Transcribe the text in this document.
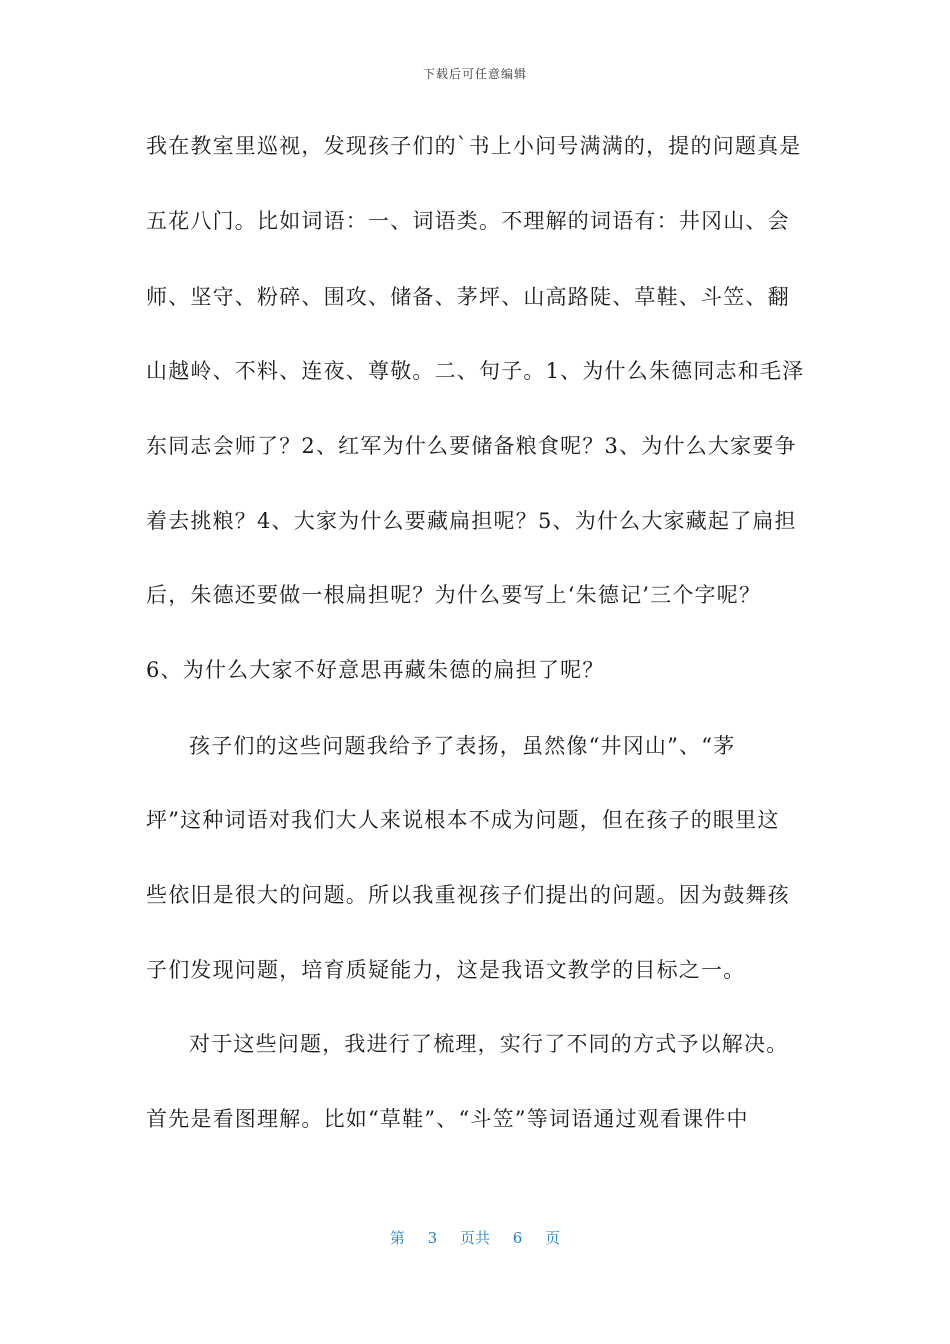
下载后可任意编辑
我在教室里巡视，发现孩子们的`书上小问号满满的，提的问题真是
五花八门。比如词语：一、词语类。不理解的词语有：井冈山、会
师、坚守、粉碎、围攻、储备、茅坪、山高路陡、草鞋、斗笠、翻
山越岭、不料、连夜、尊敬。二、句子。1、为什么朱德同志和毛泽
东同志会师了？2、红军为什么要储备粮食呢？3、为什么大家要争
着去挑粮？4、大家为什么要藏扁担呢？5、为什么大家藏起了扁担
后，朱德还要做一根扁担呢？为什么要写上‘朱德记’三个字呢？
6、为什么大家不好意思再藏朱德的扁担了呢？
孩子们的这些问题我给予了表扬，虽然像“井冈山”、“茅
坪”这种词语对我们大人来说根本不成为问题，但在孩子的眼里这
些依旧是很大的问题。所以我重视孩子们提出的问题。因为鼓舞孩
子们发现问题，培育质疑能力，这是我语文教学的目标之一。
对于这些问题，我进行了梳理，实行了不同的方式予以解决。
首先是看图理解。比如“草鞋”、“斗笠”等词语通过观看课件中
第 3 页共 6 页
